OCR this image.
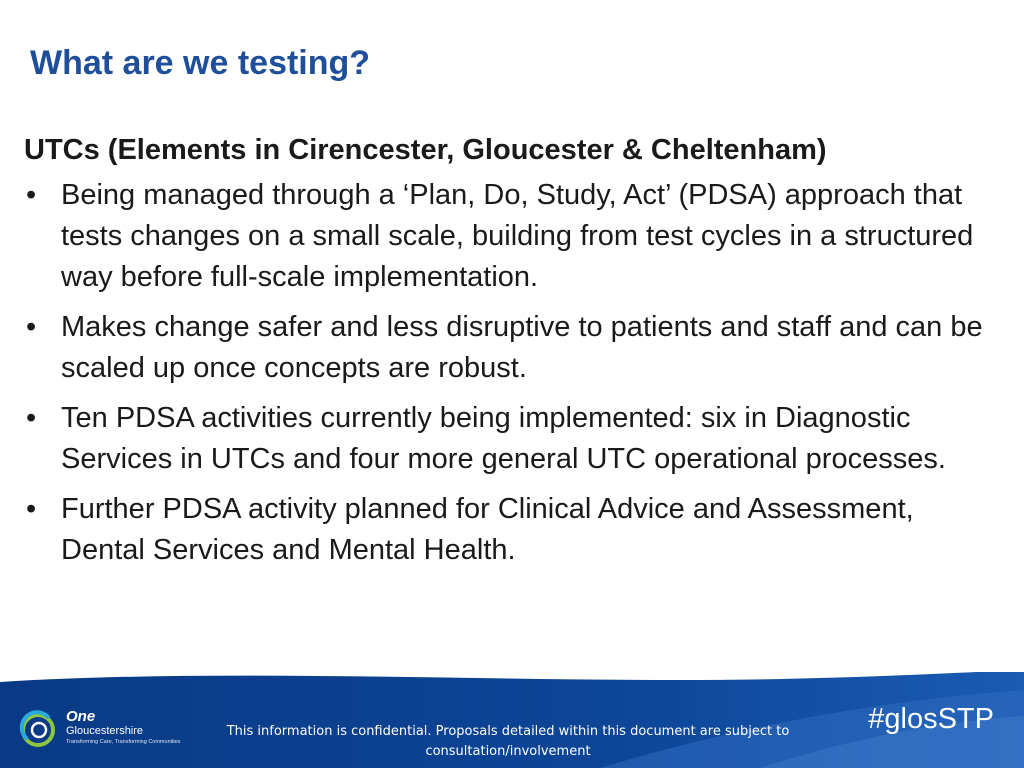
What are we testing?

UTCs (Elements in Cirencester, Gloucester & Cheltenham)

• Being managed through a ‘Plan, Do, Study, Act’ (PDSA) approach that tests changes on a small scale, building from test cycles in a structured way before full-scale implementation.
• Makes change safer and less disruptive to patients and staff and can be scaled up once concepts are robust.
• Ten PDSA activities currently being implemented: six in Diagnostic Services in UTCs and four more general UTC operational processes.
• Further PDSA activity planned for Clinical Advice and Assessment, Dental Services and Mental Health.
One
Gloucestershire
Transforming Care, Transforming Communities
This information is confidential. Proposals detailed within this document are subject to
consultation/involvement
#glosSTP
